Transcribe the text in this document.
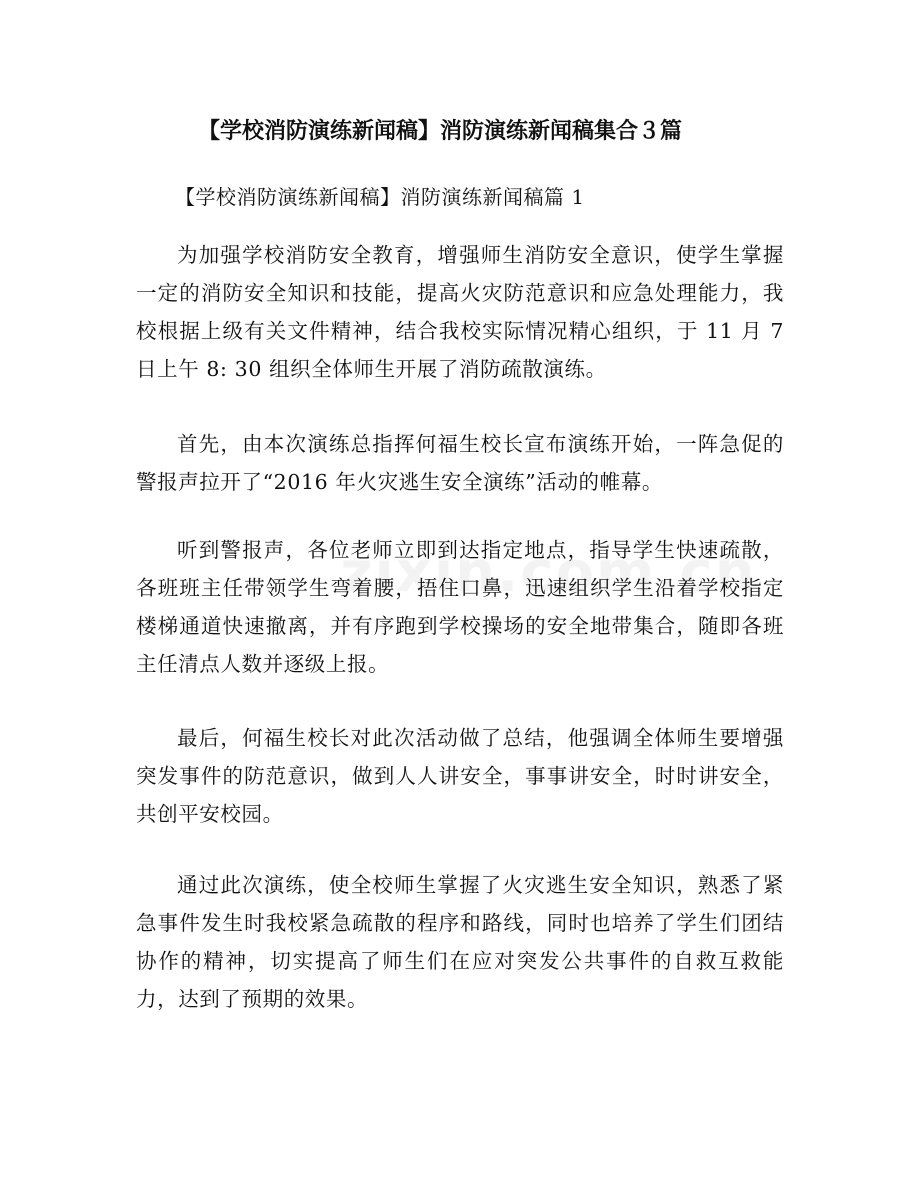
【学校消防演练新闻稿】消防演练新闻稿集合３篇
【学校消防演练新闻稿】消防演练新闻稿篇 1

为加强学校消防安全教育，增强师生消防安全意识，使学生掌握一定的消防安全知识和技能，提高火灾防范意识和应急处理能力，我校根据上级有关文件精神，结合我校实际情况精心组织，于 11 月 7 日上午 8: 30 组织全体师生开展了消防疏散演练。

首先，由本次演练总指挥何福生校长宣布演练开始，一阵急促的警报声拉开了“2016 年火灾逃生安全演练”活动的帷幕。

听到警报声，各位老师立即到达指定地点，指导学生快速疏散，各班班主任带领学生弯着腰，捂住口鼻，迅速组织学生沿着学校指定楼梯通道快速撤离，并有序跑到学校操场的安全地带集合，随即各班主任清点人数并逐级上报。

最后，何福生校长对此次活动做了总结，他强调全体师生要增强突发事件的防范意识，做到人人讲安全，事事讲安全，时时讲安全，共创平安校园。

通过此次演练，使全校师生掌握了火灾逃生安全知识，熟悉了紧急事件发生时我校紧急疏散的程序和路线，同时也培养了学生们团结协作的精神，切实提高了师生们在应对突发公共事件的自救互救能力，达到了预期的效果。
